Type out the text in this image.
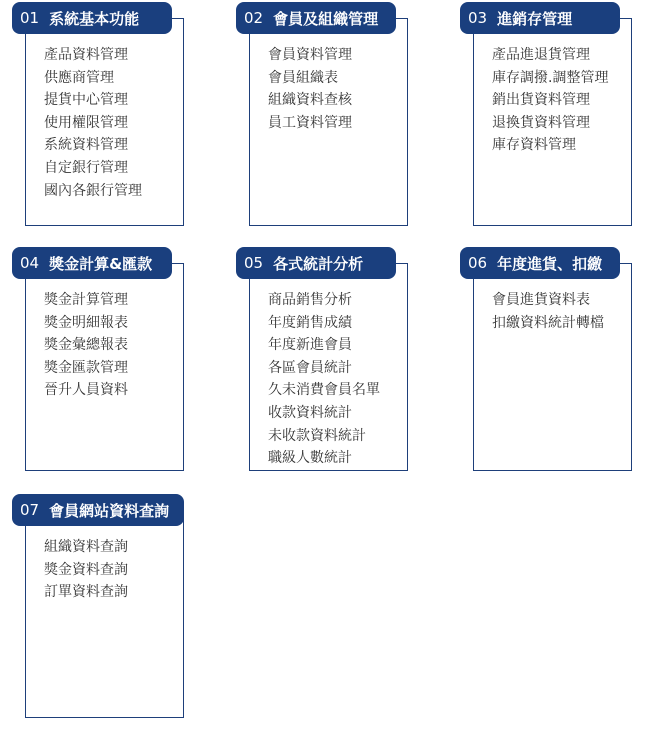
產品資料管理
供應商管理
提貨中心管理
使用權限管理
系統資料管理
自定銀行管理
國內各銀行管理
01 系統基本功能
會員資料管理
會員組織表
組織資料查核
員工資料管理
02 會員及組織管理
產品進退貨管理
庫存調撥.調整管理
銷出貨資料管理
退換貨資料管理
庫存資料管理
03 進銷存管理
獎金計算管理
獎金明細報表
獎金彙總報表
獎金匯款管理
晉升人員資料
04 獎金計算&匯款
商品銷售分析
年度銷售成績
年度新進會員
各區會員統計
久未消費會員名單
收款資料統計
未收款資料統計
職級人數統計
05 各式統計分析
會員進貨資料表
扣繳資料統計轉檔
06 年度進貨、扣繳
組織資料查詢
獎金資料查詢
訂單資料查詢
07 會員網站資料查詢
